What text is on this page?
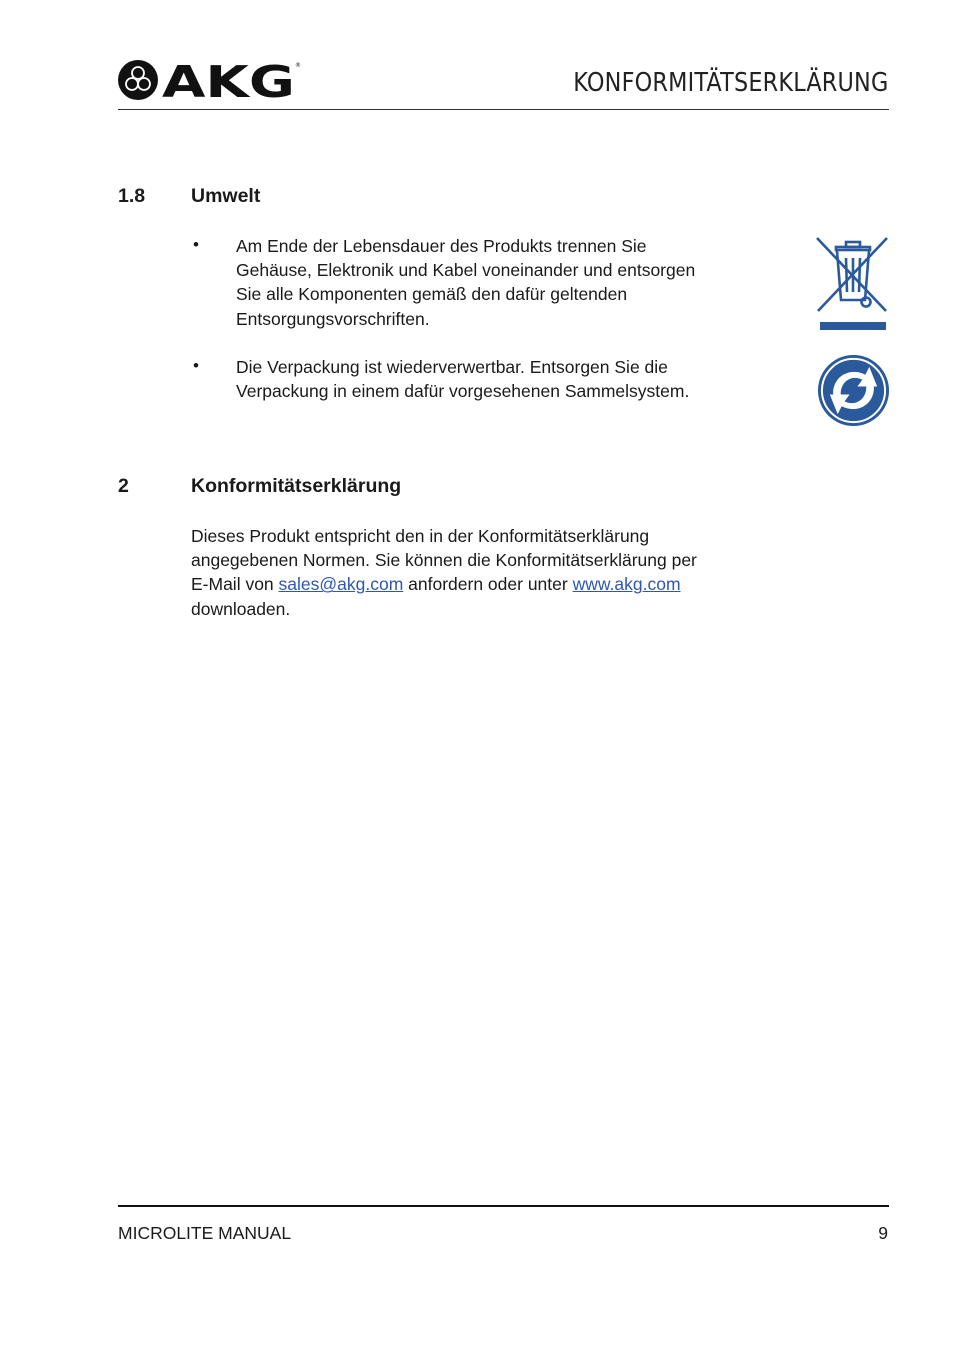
AKG ®
KONFORMITÄTSERKLÄRUNG
1.8 Umwelt
• Am Ende der Lebensdauer des Produkts trennen Sie
Gehäuse, Elektronik und Kabel voneinander und entsorgen
Sie alle Komponenten gemäß den dafür geltenden
Entsorgungsvorschriften.

• Die Verpackung ist wiederverwertbar. Entsorgen Sie die
Verpackung in einem dafür vorgesehenen Sammelsystem.

2	Konformitätserklärung

Dieses Produkt entspricht den in der Konformitätserklärung
angegebenen Normen. Sie können die Konformitätserklärung per
E-Mail von sales@akg.com anfordern oder unter www.akg.com
downloaden.

MICROLITE MANUAL	9
